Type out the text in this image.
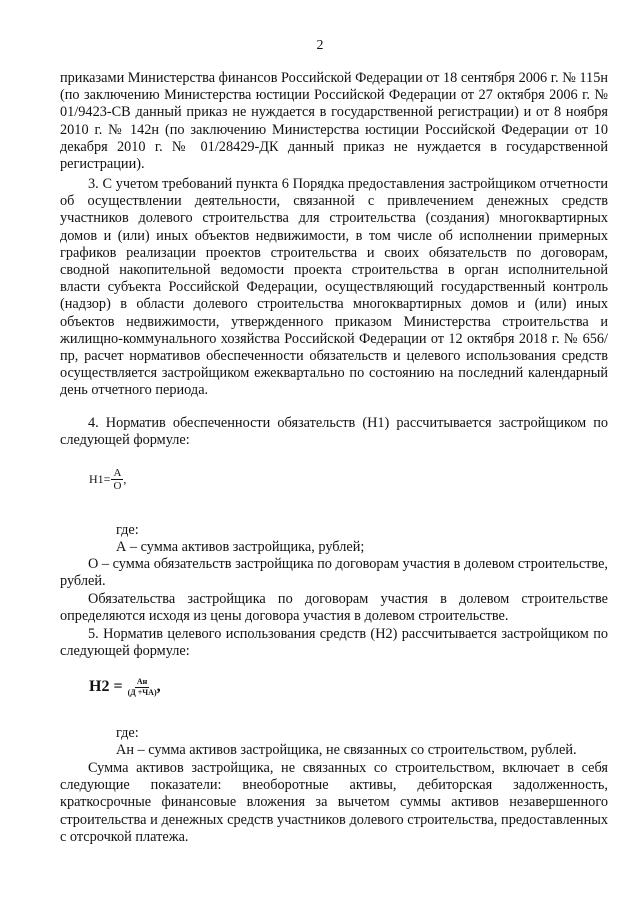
2
приказами Министерства финансов Российской Федерации от 18 сентября 2006 г. № 115н (по заключению Министерства юстиции Российской Федерации от 27 октября 2006 г. № 01/9423-СВ данный приказ не нуждается в государственной регистрации) и от 8 ноября 2010 г. № 142н (по заключению Министерства юстиции Российской Федерации от 10 декабря 2010 г. № 01/28429-ДК данный приказ не нуждается в государственной регистрации).
3. С учетом требований пункта 6 Порядка предоставления застройщиком отчетности об осуществлении деятельности, связанной с привлечением денежных средств участников долевого строительства для строительства (создания) многоквартирных домов и (или) иных объектов недвижимости, в том числе об исполнении примерных графиков реализации проектов строительства и своих обязательств по договорам, сводной накопительной ведомости проекта строительства в орган исполнительной власти субъекта Российской Федерации, осуществляющий государственный контроль (надзор) в области долевого строительства многоквартирных домов и (или) иных объектов недвижимости, утвержденного приказом Министерства строительства и жилищно-коммунального хозяйства Российской Федерации от 12 октября 2018 г. № 656/пр, расчет нормативов обеспеченности обязательств и целевого использования средств осуществляется застройщиком ежеквартально по состоянию на последний календарный день отчетного периода.
4. Норматив обеспеченности обязательств (Н1) рассчитывается застройщиком по следующей формуле:
$Н1= \frac{А}{О}$ ,
где:
А – сумма активов застройщика, рублей;
О – сумма обязательств застройщика по договорам участия в долевом строительстве, рублей.
Обязательства застройщика по договорам участия в долевом строительстве определяются исходя из цены договора участия в долевом строительстве.
5. Норматив целевого использования средств (Н2) рассчитывается застройщиком по следующей формуле:
$Н2 = \frac{Ан}{(Д +ЧА)}$ ,
где:
Ан – сумма активов застройщика, не связанных со строительством, рублей.
Сумма активов застройщика, не связанных со строительством, включает в себя следующие показатели: внеоборотные активы, дебиторская задолженность, краткосрочные финансовые вложения за вычетом суммы активов незавершенного строительства и денежных средств участников долевого строительства, предоставленных с отсрочкой платежа.
